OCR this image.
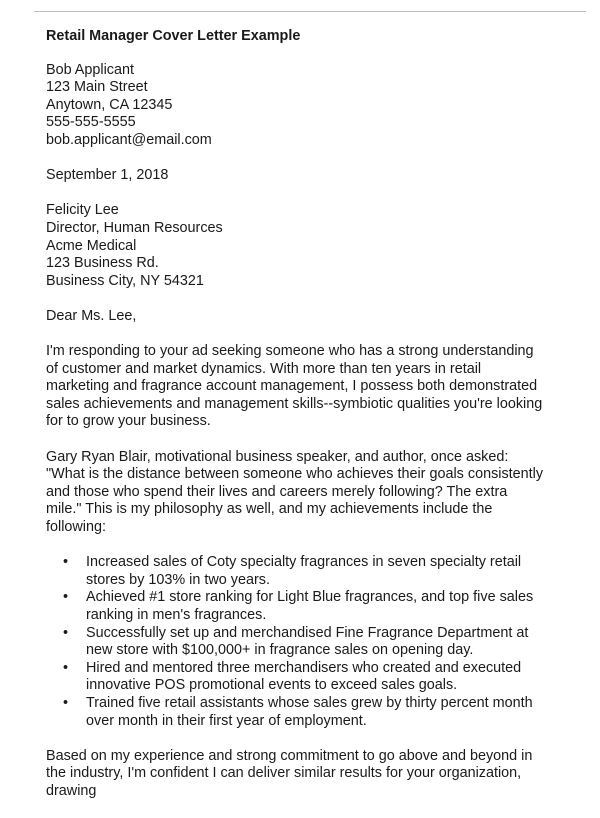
Retail Manager Cover Letter Example
Bob Applicant
123 Main Street
Anytown, CA 12345
555-555-5555
bob.applicant@email.com
September 1, 2018
Felicity Lee
Director, Human Resources
Acme Medical
123 Business Rd.
Business City, NY 54321
Dear Ms. Lee,
I'm responding to your ad seeking someone who has a strong understanding of customer and market dynamics. With more than ten years in retail marketing and fragrance account management, I possess both demonstrated sales achievements and management skills--symbiotic qualities you're looking for to grow your business.
Gary Ryan Blair, motivational business speaker, and author, once asked: "What is the distance between someone who achieves their goals consistently and those who spend their lives and careers merely following? The extra mile." This is my philosophy as well, and my achievements include the following:
• Increased sales of Coty specialty fragrances in seven specialty retail stores by 103% in two years.
• Achieved #1 store ranking for Light Blue fragrances, and top five sales ranking in men's fragrances.
• Successfully set up and merchandised Fine Fragrance Department at new store with $100,000+ in fragrance sales on opening day.
• Hired and mentored three merchandisers who created and executed innovative POS promotional events to exceed sales goals.
• Trained five retail assistants whose sales grew by thirty percent month over month in their first year of employment.
Based on my experience and strong commitment to go above and beyond in the industry, I'm confident I can deliver similar results for your organization, drawing
